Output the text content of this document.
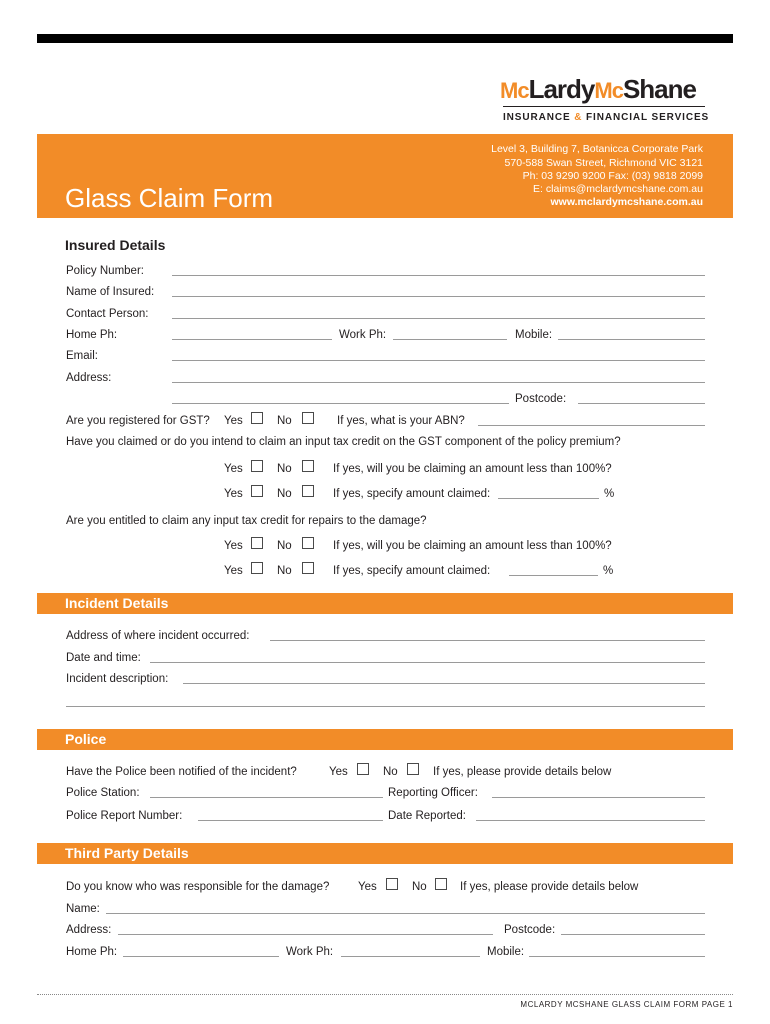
McLardyMcShane
INSURANCE & FINANCIAL SERVICES
Glass Claim Form
Level 3, Building 7, Botanicca Corporate Park
570-588 Swan Street, Richmond VIC 3121
Ph: 03 9290 9200 Fax: (03) 9818 2099
E: claims@mclardymcshane.com.au
www.mclardymcshane.com.au
Insured Details
Policy Number:
Name of Insured:
Contact Person:
Home Ph:	Work Ph:	Mobile:
Email:
Address:
Postcode:
Are you registered for GST? Yes	No	If yes, what is your ABN?
Have you claimed or do you intend to claim an input tax credit on the GST component of the policy premium?
Yes	No	If yes, will you be claiming an amount less than 100%?
Yes	No	If yes, specify amount claimed:	%
Are you entitled to claim any input tax credit for repairs to the damage?
Yes	No	If yes, will you be claiming an amount less than 100%?
Yes	No	If yes, specify amount claimed:	%
Incident Details
Address of where incident occurred:
Date and time:
Incident description:
Police
Have the Police been notified of the incident?	Yes	No	If yes, please provide details below
Police Station:	Reporting Officer:
Police Report Number:	Date Reported:
Third Party Details
Do you know who was responsible for the damage? Yes	No	If yes, please provide details below
Name:
Address:	Postcode:
Home Ph:	Work Ph:	Mobile:
MCLARDY MCSHANE GLASS CLAIM FORM PAGE 1
